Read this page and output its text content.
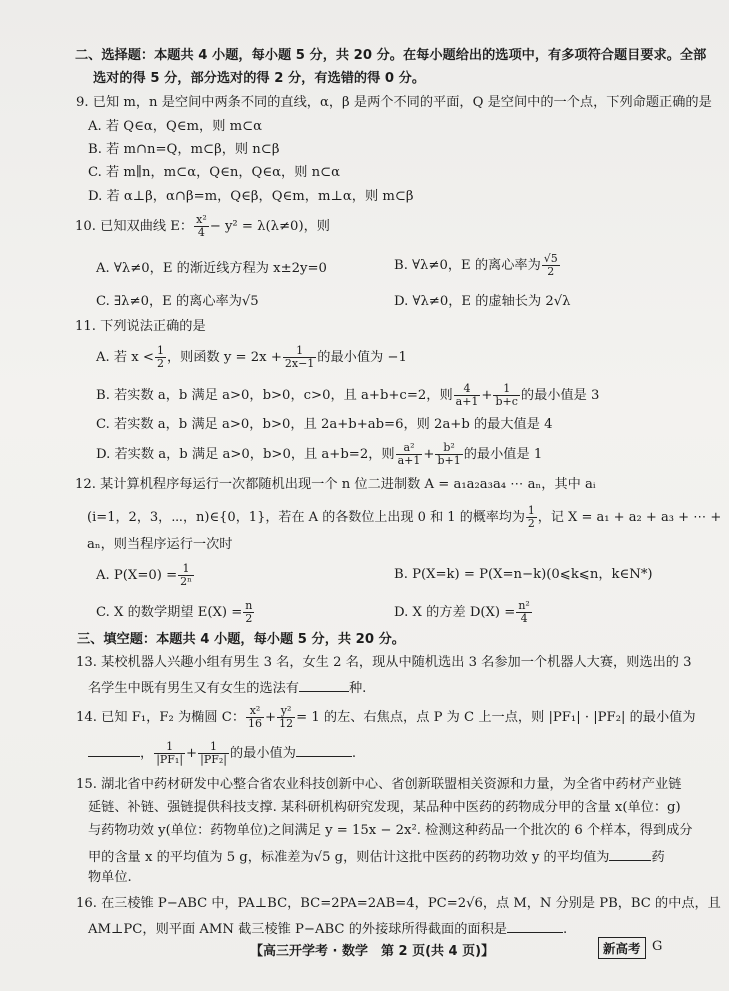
二、选择题：本题共 4 小题，每小题 5 分，共 20 分。在每小题给出的选项中，有多项符合题目要求。全部
选对的得 5 分，部分选对的得 2 分，有选错的得 0 分。
9. 已知 m，n 是空间中两条不同的直线，α，β 是两个不同的平面，Q 是空间中的一个点，下列命题正确的是
A. 若 Q∈α，Q∈m，则 m⊂α
B. 若 m∩n=Q，m⊂β，则 n⊂β
C. 若 m∥n，m⊂α，Q∈n，Q∈α，则 n⊂α
D. 若 α⊥β，α∩β=m，Q∈β，Q∈m，m⊥α，则 m⊂β
10. 已知双曲线 E： $\frac{\text{x²}}{4} - y^2 = \lambda(\lambda\ne 0)$，则
A. ∀λ≠0，E 的渐近线方程为 x±2y=0	B. ∀λ≠0，E 的离心率为 $\frac{√5}{2}$
C. ∃λ≠0，E 的离心率为√5	D. ∀λ≠0，E 的虚轴长为 2√λ
11. 下列说法正确的是
A. 若 $x < \frac{1}{2}$ ，则函数 $y = 2x + \frac{1}{2x-1}$ 的最小值为 −1
B. 若实数 a，b 满足 a>0，b>0，c>0，且 a+b+c=2，则 $\frac{4}{a+1} + \frac{1}{b+c}$ 的最小值是 3
C. 若实数 a，b 满足 a>0，b>0，且 2a+b+ab=6，则 2a+b 的最大值是 4
D. 若实数 a，b 满足 a>0，b>0，且 a+b=2，则 $\frac{\text{a²}}{a+1} + \frac{\text{b²}}{b+1}$ 的最小值是 1
12. 某计算机程序每运行一次都随机出现一个 n 位二进制数 A = a₁a₂a₃a₄ ⋯ aₙ，其中 aᵢ
(i=1，2，3，⋯，n)∈{0，1}，若在 A 的各数位上出现 0 和 1 的概率均为 $\frac{1}{2}$ ，记 X = a₁ + a₂ + a₃ + ⋯ +
aₙ，则当程序运行一次时
A. $P(X=0) = \frac{1}{\text{2ⁿ}}$	B. P(X=k) = P(X=n−k)(0⩽k⩽n，k∈N*)
C. X 的数学期望 $E(X) = \frac{n}{2}$	D. X 的方差 $D(X) = \frac{\text{n²}}{4}$
三、填空题：本题共 4 小题，每小题 5 分，共 20 分。
13. 某校机器人兴趣小组有男生 3 名，女生 2 名，现从中随机选出 3 名参加一个机器人大赛，则选出的 3
名学生中既有男生又有女生的选法有	种.
14. 已知 F₁，F₂ 为椭圆 C： $\frac{\text{x²}}{16} + \frac{\text{y²}}{12} = 1$ 的左、右焦点，点 P 为 C 上一点，则 |PF₁| · |PF₂| 的最小值为
， $\frac{1}{\text{|PF₁|}} + \frac{1}{\text{|PF₂|}}$ 的最小值为	.
15. 湖北省中药材研发中心整合省农业科技创新中心、省创新联盟相关资源和力量，为全省中药材产业链
延链、补链、强链提供科技支撑. 某科研机构研究发现，某品种中医药的药物成分甲的含量 x(单位：g)
与药物功效 y(单位：药物单位)之间满足 y = 15x − 2x². 检测这种药品一个批次的 6 个样本，得到成分
甲的含量 x 的平均值为 5 g，标准差为√5 g，则估计这批中医药的药物功效 y 的平均值为	药
物单位.
16. 在三棱锥 P−ABC 中，PA⊥BC，BC=2PA=2AB=4，PC=2√6，点 M，N 分别是 PB，BC 的中点，且
AM⊥PC，则平面 AMN 截三棱锥 P−ABC 的外接球所得截面的面积是	.
【高三开学考 · 数学　第 2 页(共 4 页)】	新高考 G
